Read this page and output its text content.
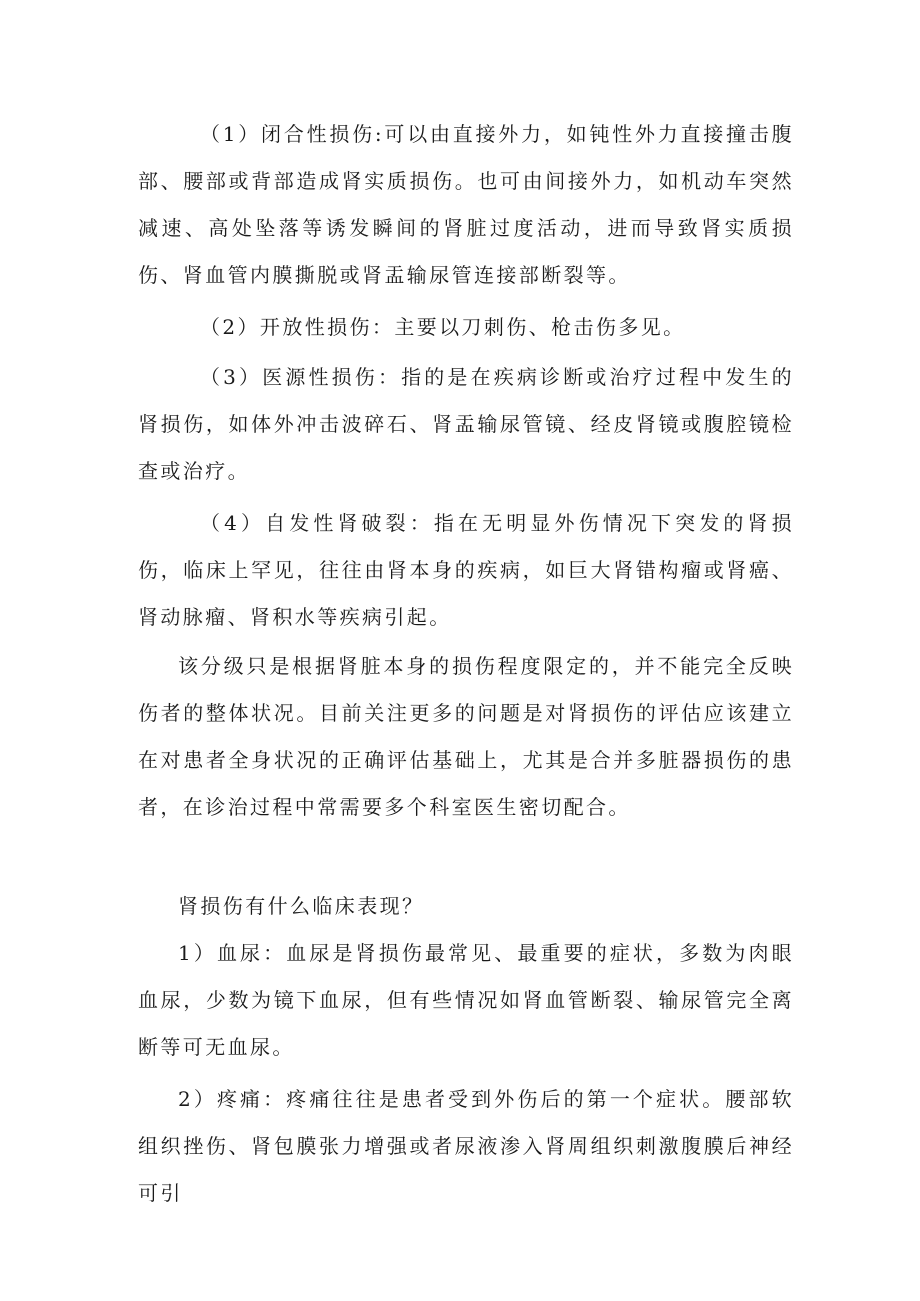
（1）闭合性损伤:可以由直接外力，如钝性外力直接撞击腹部、腰部或背部造成肾实质损伤。也可由间接外力，如机动车突然减速、高处坠落等诱发瞬间的肾脏过度活动，进而导致肾实质损伤、肾血管内膜撕脱或肾盂输尿管连接部断裂等。

（2）开放性损伤：主要以刀刺伤、枪击伤多见。

（3）医源性损伤：指的是在疾病诊断或治疗过程中发生的肾损伤，如体外冲击波碎石、肾盂输尿管镜、经皮肾镜或腹腔镜检查或治疗。

（4）自发性肾破裂：指在无明显外伤情况下突发的肾损伤，临床上罕见，往往由肾本身的疾病，如巨大肾错构瘤或肾癌、肾动脉瘤、肾积水等疾病引起。

该分级只是根据肾脏本身的损伤程度限定的，并不能完全反映伤者的整体状况。目前关注更多的问题是对肾损伤的评估应该建立在对患者全身状况的正确评估基础上，尤其是合并多脏器损伤的患者，在诊治过程中常需要多个科室医生密切配合。

肾损伤有什么临床表现？

1）血尿：血尿是肾损伤最常见、最重要的症状，多数为肉眼血尿，少数为镜下血尿，但有些情况如肾血管断裂、输尿管完全离断等可无血尿。

2）疼痛：疼痛往往是患者受到外伤后的第一个症状。腰部软组织挫伤、肾包膜张力增强或者尿液渗入肾周组织刺激腹膜后神经可引
